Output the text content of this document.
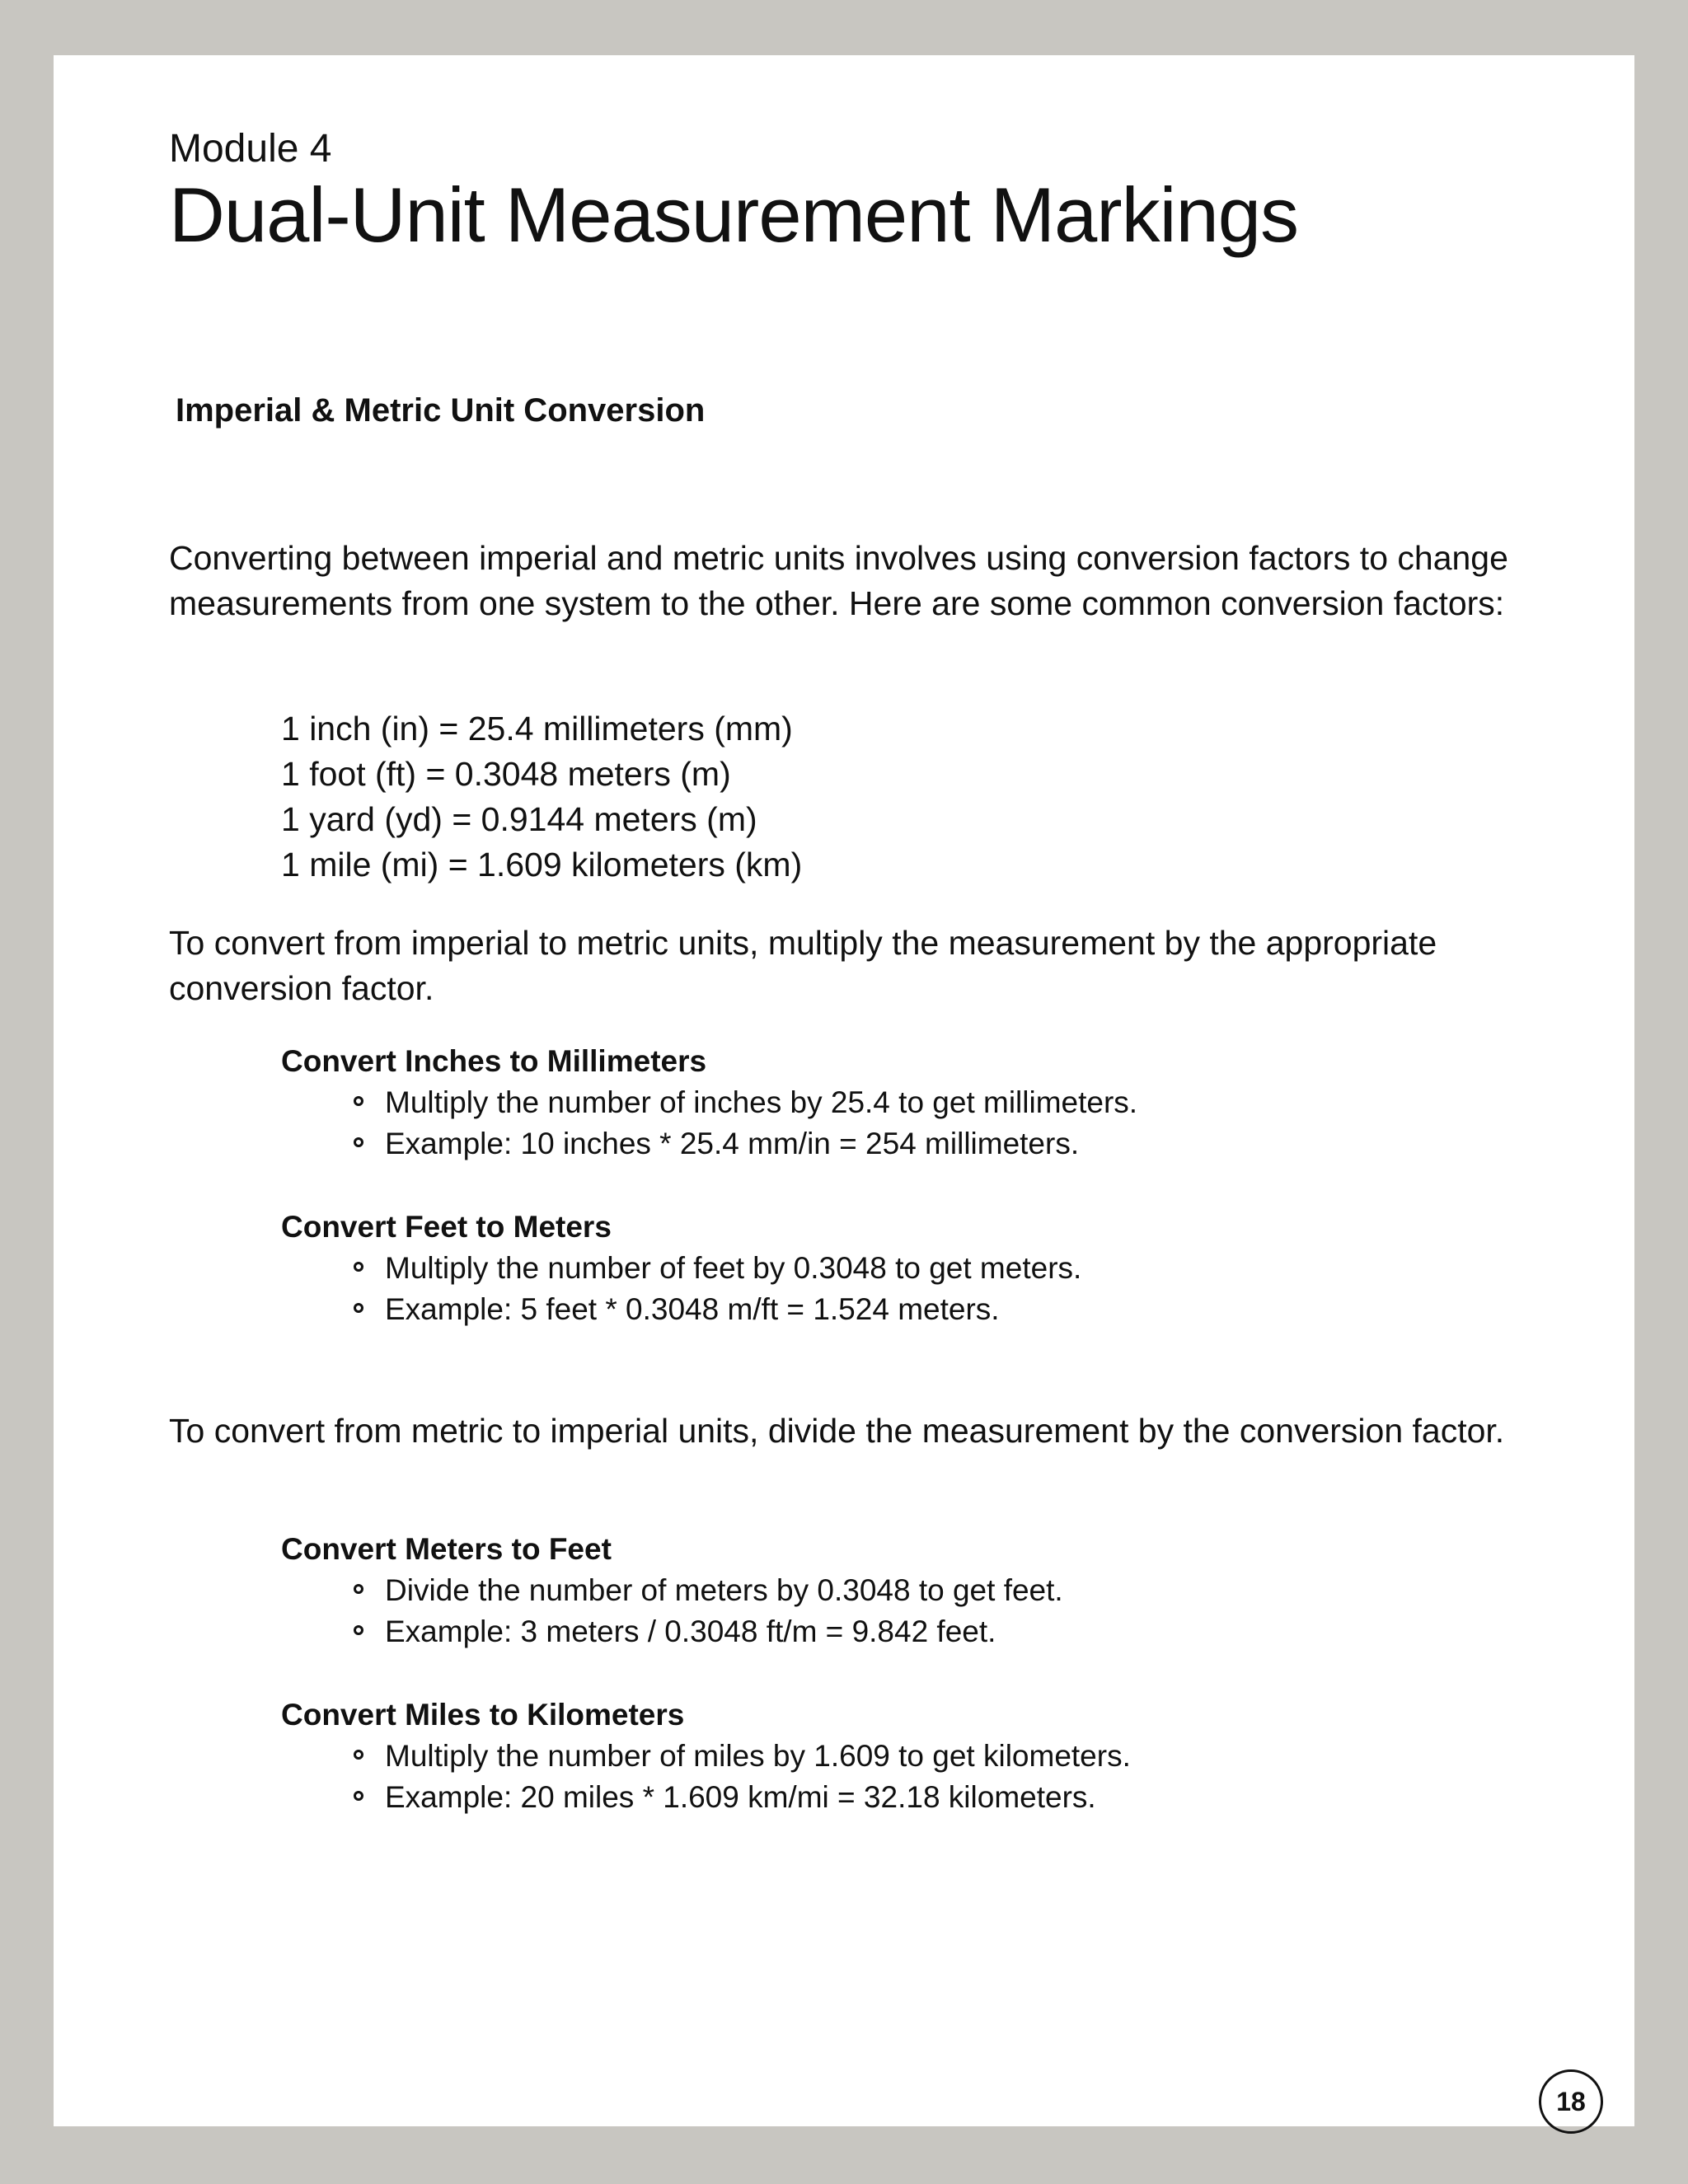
Module 4
Dual-Unit Measurement Markings
Imperial & Metric Unit Conversion
Converting between imperial and metric units involves using conversion factors to change measurements from one system to the other. Here are some common conversion factors:
1 inch (in) = 25.4 millimeters (mm)
1 foot (ft) = 0.3048 meters (m)
1 yard (yd) = 0.9144 meters (m)
1 mile (mi) = 1.609 kilometers (km)
To convert from imperial to metric units, multiply the measurement by the appropriate conversion factor.
Convert Inches to Millimeters
Multiply the number of inches by 25.4 to get millimeters.
Example: 10 inches * 25.4 mm/in = 254 millimeters.
Convert Feet to Meters
Multiply the number of feet by 0.3048 to get meters.
Example: 5 feet * 0.3048 m/ft = 1.524 meters.
To convert from metric to imperial units, divide the measurement by the conversion factor.
Convert Meters to Feet
Divide the number of meters by 0.3048 to get feet.
Example: 3 meters / 0.3048 ft/m = 9.842 feet.
Convert Miles to Kilometers
Multiply the number of miles by 1.609 to get kilometers.
Example: 20 miles * 1.609 km/mi = 32.18 kilometers.
18
